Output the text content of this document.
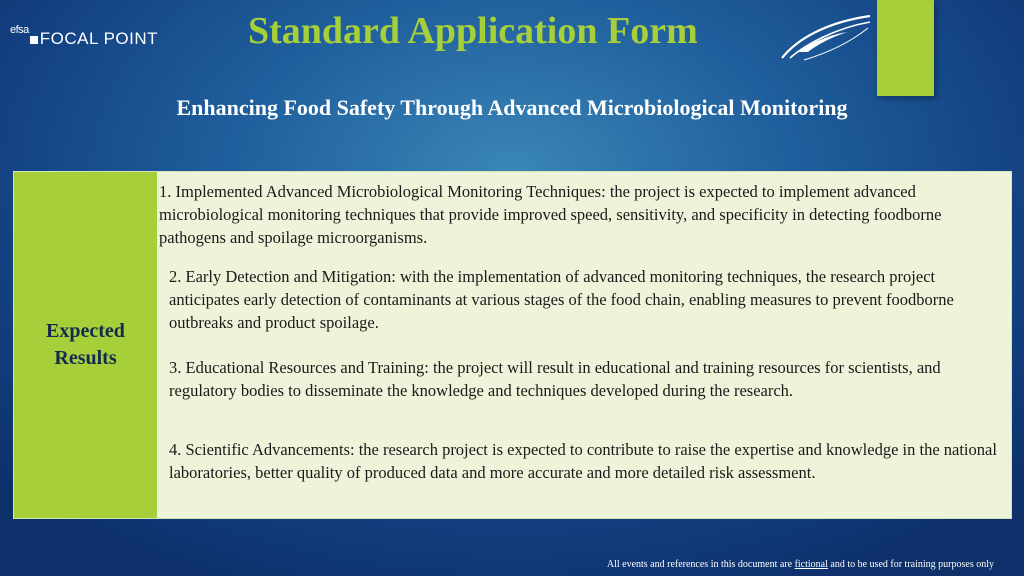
efsa FOCAL POINT Standard Application Form
Enhancing Food Safety Through Advanced Microbiological Monitoring
Expected Results
1. Implemented Advanced Microbiological Monitoring Techniques: the project is expected to implement advanced microbiological monitoring techniques that provide improved speed, sensitivity, and specificity in detecting foodborne pathogens and spoilage microorganisms.
2. Early Detection and Mitigation: with the implementation of advanced monitoring techniques, the research project anticipates early detection of contaminants at various stages of the food chain, enabling measures to prevent foodborne outbreaks and product spoilage.
3. Educational Resources and Training: the project will result in educational and training resources for scientists, and regulatory bodies to disseminate the knowledge and techniques developed during the research.
4. Scientific Advancements: the research project is expected to contribute to raise the expertise and knowledge in the national laboratories, better quality of produced data and more accurate and more detailed risk assessment.
All events and references in this document are fictional and to be used for training purposes only
